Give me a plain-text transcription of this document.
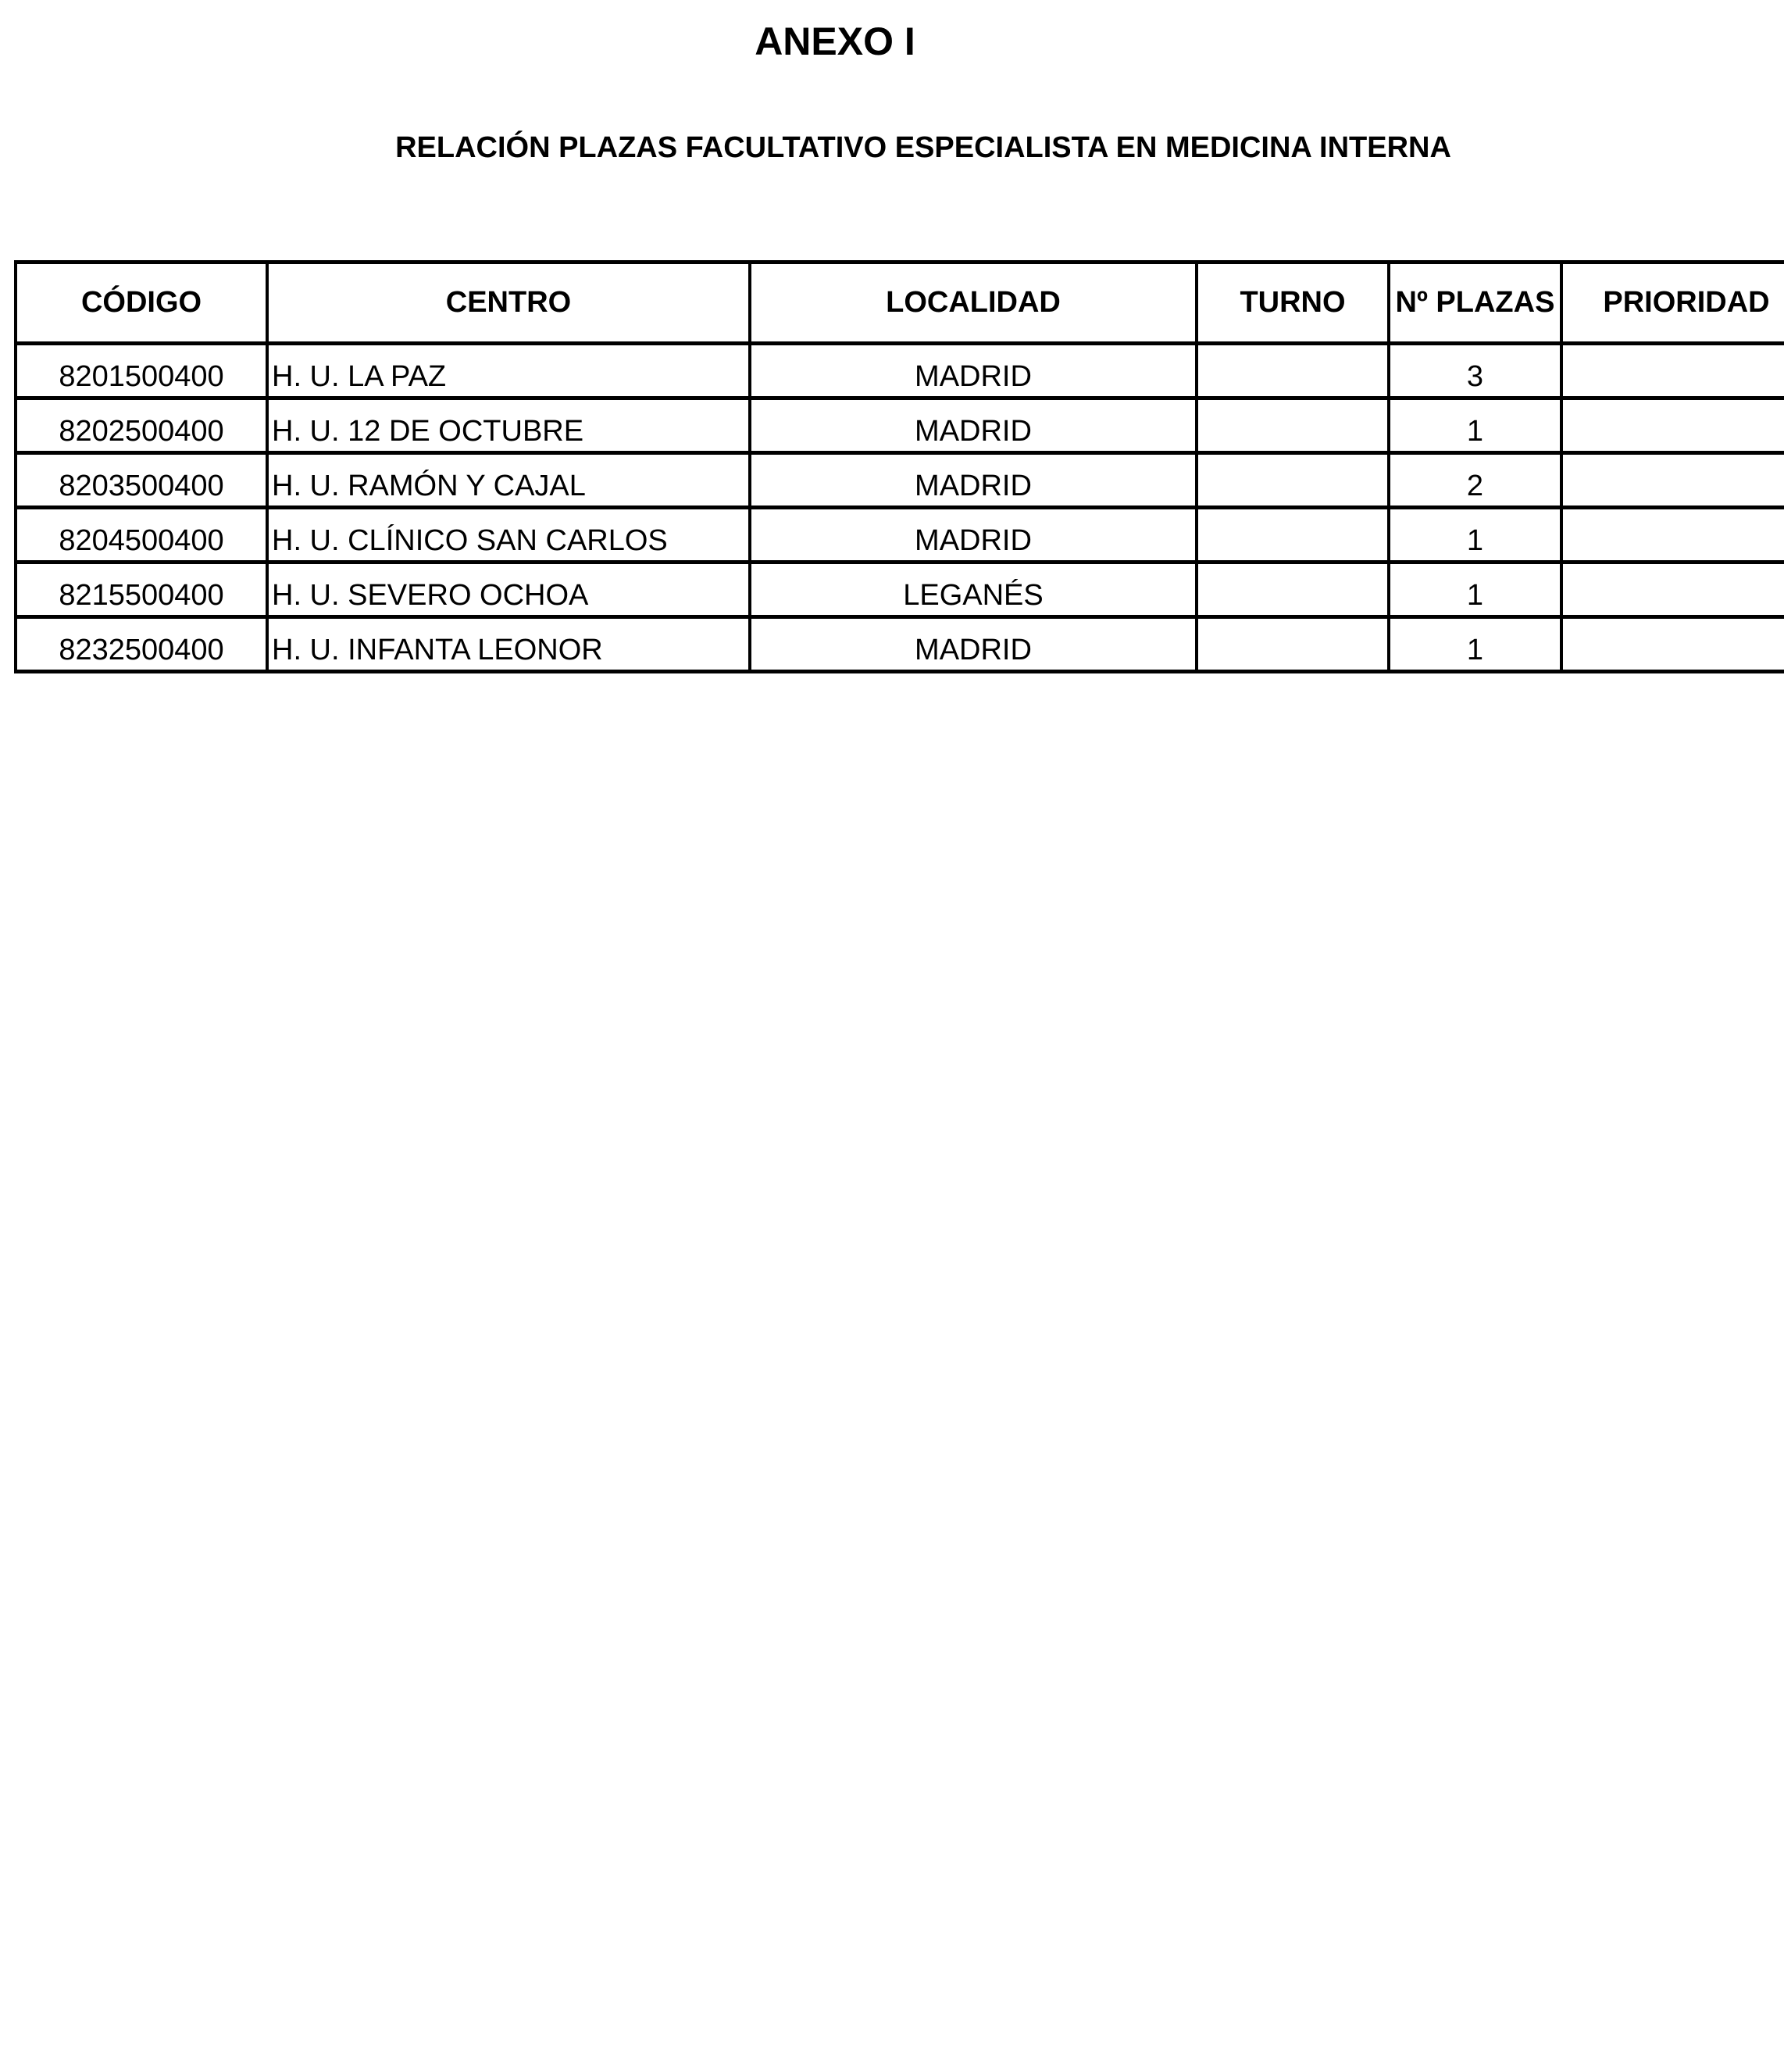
ANEXO I
RELACIÓN PLAZAS FACULTATIVO ESPECIALISTA EN MEDICINA INTERNA
CÓDIGO	CENTRO	LOCALIDAD	TURNO	Nº PLAZAS	PRIORIDAD
8201500400	H. U. LA PAZ	MADRID		3	
8202500400	H. U. 12 DE OCTUBRE	MADRID		1	
8203500400	H. U. RAMÓN Y CAJAL	MADRID		2	
8204500400	H. U. CLÍNICO SAN CARLOS	MADRID		1	
8215500400	H. U. SEVERO OCHOA	LEGANÉS		1	
8232500400	H. U. INFANTA LEONOR	MADRID		1	
